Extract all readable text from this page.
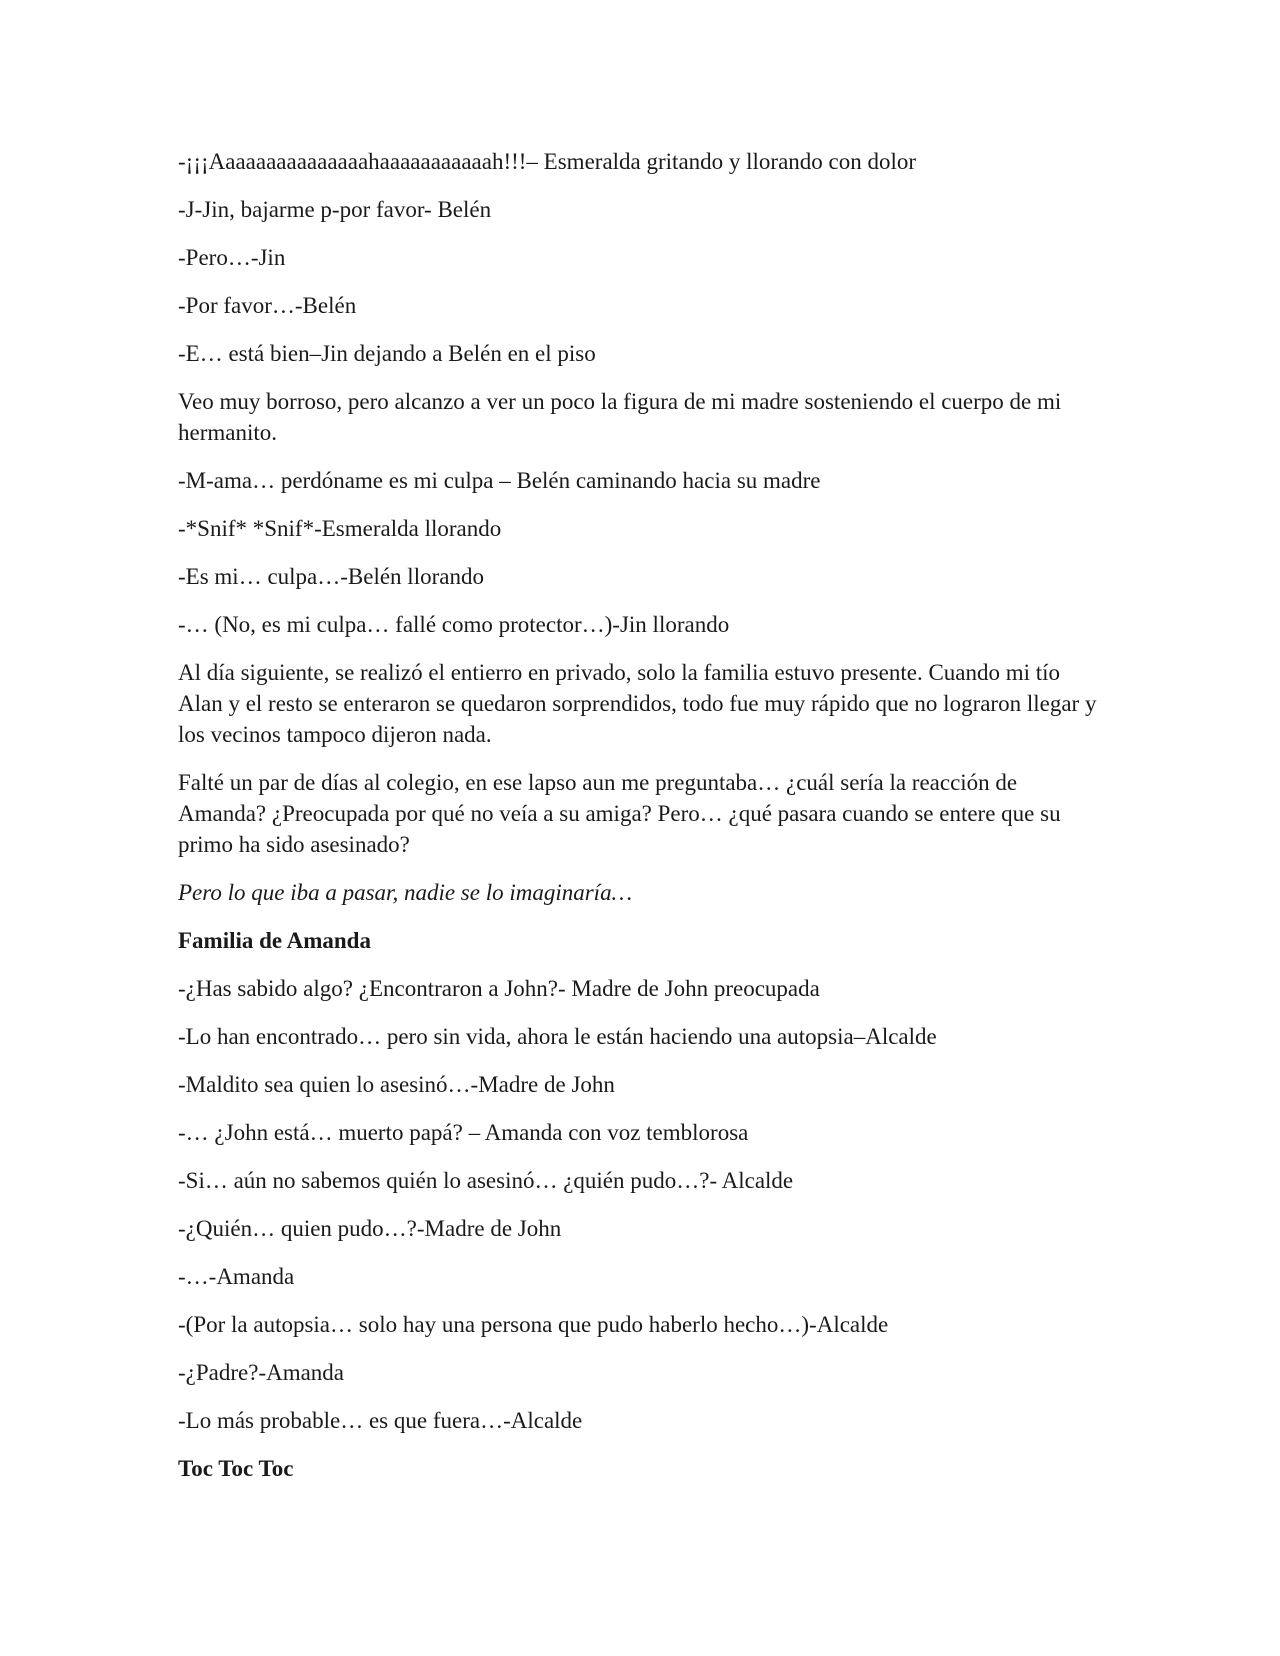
-¡¡¡Aaaaaaaaaaaaaaahaaaaaaaaaaah!!!– Esmeralda gritando y llorando con dolor

-J-Jin, bajarme p-por favor- Belén

-Pero…-Jin

-Por favor…-Belén

-E… está bien–Jin dejando a Belén en el piso

Veo muy borroso, pero alcanzo a ver un poco la figura de mi madre sosteniendo el cuerpo de mi hermanito.

-M-ama… perdóname es mi culpa – Belén caminando hacia su madre

-*Snif* *Snif*-Esmeralda llorando

-Es mi… culpa…-Belén llorando

-… (No, es mi culpa… fallé como protector…)-Jin llorando

Al día siguiente, se realizó el entierro en privado, solo la familia estuvo presente. Cuando mi tío Alan y el resto se enteraron se quedaron sorprendidos, todo fue muy rápido que no lograron llegar y los vecinos tampoco dijeron nada.

Falté un par de días al colegio, en ese lapso aun me preguntaba… ¿cuál sería la reacción de Amanda? ¿Preocupada por qué no veía a su amiga? Pero… ¿qué pasara cuando se entere que su primo ha sido asesinado?

Pero lo que iba a pasar, nadie se lo imaginaría…

Familia de Amanda

-¿Has sabido algo? ¿Encontraron a John?- Madre de John preocupada

-Lo han encontrado… pero sin vida, ahora le están haciendo una autopsia–Alcalde

-Maldito sea quien lo asesinó…-Madre de John

-… ¿John está… muerto papá? – Amanda con voz temblorosa

-Si… aún no sabemos quién lo asesinó… ¿quién pudo…?- Alcalde

-¿Quién… quien pudo…?-Madre de John

-…-Amanda

-(Por la autopsia… solo hay una persona que pudo haberlo hecho…)-Alcalde

-¿Padre?-Amanda

-Lo más probable… es que fuera…-Alcalde

Toc Toc Toc
